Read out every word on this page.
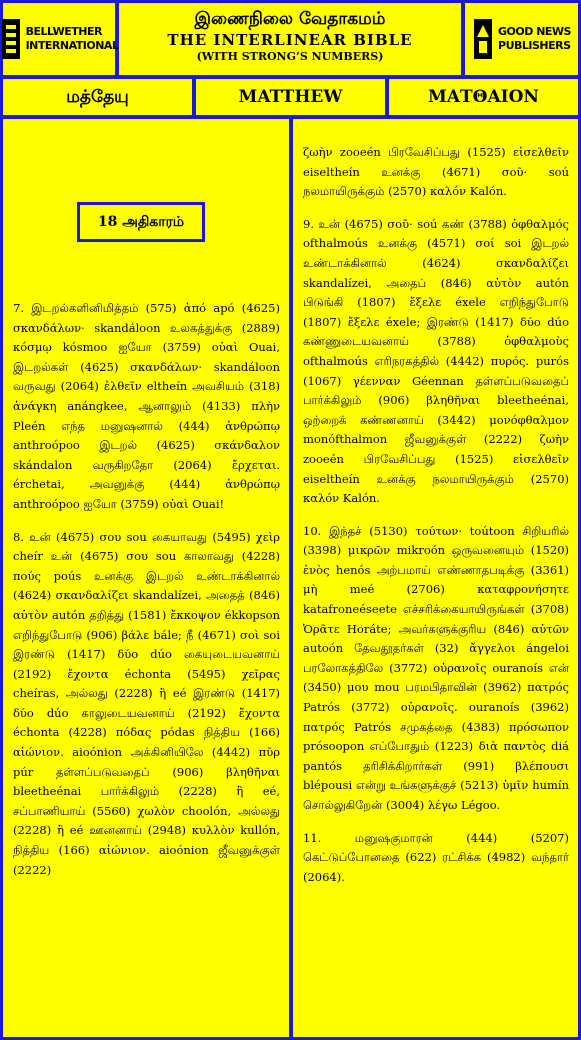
BELLWETHER
INTERNATIONAL
இணைநிலை வேதாகமம்
THE INTERLINEAR BIBLE
(WITH STRONG’S NUMBERS)
GOOD NEWS
PUBLISHERS
மத்தேயு	MATTHEW	ΜΑΤΘΑΙΟΝ
18 அதிகாரம்

7. இடறல்களினிமித்தம் (575) ἀπό apó (4625) σκανδάλων· skandáloon உலகத்துக்கு (2889) κόσμῳ kósmoo ஐயோ (3759) οὐαὶ Ouai, இடறல்கள் (4625) σκανδάλων· skandáloon வருவது (2064) ἐλθεῖν eltheín அவசியம் (318) ἀνάγκη anángkee, ஆனாலும் (4133) πλὴν Pleén எந்த மனுஷனால் (444) ἀνθρώπῳ anthroópoo இடறல் (4625) σκάνδαλον skándalon வருகிறதோ (2064) ἔρχεται. érchetai, அவனுக்கு (444) ἀνθρώπῳ anthroópoo ஐயோ (3759) οὐαὶ Ouai!

8. உன் (4675) σου sou கையாவது (5495) χεὶρ cheír உன் (4675) σου sou காலாவது (4228) πούς poús உனக்கு இடறல் உண்டாக்கினால் (4624) σκανδαλίζει skandalízei, அதைத் (846) αὐτὸν autón தறித்து (1581) ἔκκοψον ékkopson எறிந்துபோடு (906) βάλε bále; நீ (4671) σοὶ soi இரண்டு (1417) δύο dúo கையுடையவனாய் (2192) ἔχοντα échonta (5495) χεῖρας cheíras, அல்லது (2228) ἢ eé இரண்டு (1417) δύο dúo காலுடையவனாய் (2192) ἔχοντα échonta (4228) πόδας pódas நித்திய (166) αἰώνιον. aioónion அக்கினியிலே (4442) πῦρ púr தள்ளப்படுவதைப் (906) βληθῆναι bleetheénai பார்க்கிலும் (2228) ἢ eé, சப்பாணியாய் (5560) χωλὸν choolón, அல்லது (2228) ἢ eé ஊனனாய் (2948) κυλλὸν kullón, நித்திய (166) αἰώνιον. aioónion ஜீவனுக்குள் (2222)

ζωὴν zooeén பிரவேசிப்பது (1525) εἰσελθεῖν eiseltheín உனக்கு (4671) σοῦ· soú நலமாயிருக்கும் (2570) καλόν Kalón.

9. உன் (4675) σοῦ· soú கண் (3788) ὀφθαλμός ofthalmoús உனக்கு (4571) σοί soi இடறல் உண்டாக்கினால் (4624) σκανδαλίζει skandalízei, அதைப் (846) αὐτὸν autón பிடுங்கி (1807) ἔξελε éxele எறிந்துபோடு (1807) ἔξελε éxele; இரண்டு (1417) δύο dúo கண்ணுடையவனாய் (3788) ὀφθαλμοὺς ofthalmoús எரிநரகத்தில் (4442) πυρός. purós (1067) γέενναν Géennan தள்ளப்படுவதைப் பார்க்கிலும் (906) βληθῆναι bleetheénai, ஒற்றைக் கண்ணனாய் (3442) μονόφθαλμον monófthalmon ஜீவனுக்குள் (2222) ζωὴν zooeén பிரவேசிப்பது (1525) εἰσελθεῖν eiseltheín உனக்கு நலமாயிருக்கும் (2570) καλόν Kalón.

10. இந்தச் (5130) τούτων· toútoon சிறியரில் (3398) μικρῶν mikroón ஒருவனையும் (1520) ἑνὸς henós அற்பமாய் எண்ணாதபடிக்கு (3361) μὴ meé (2706) καταφρονήσητε katafroneéseete எச்சரிக்கையாயிருங்கள் (3708) Ὁρᾶτε Horáte; அவர்களுக்குரிய (846) αὐτῶν autoón தேவதூதர்கள் (32) ἄγγελοι ángeloi பரலோகத்திலே (3772) οὐρανοῖς ouranoís என் (3450) μου mou பரமபிதாவின் (3962) πατρός Patrós (3772) οὐρανοῖς. ouranoís (3962) πατρός Patrós சமுகத்தை (4383) πρόσωπον prósoopon எப்போதும் (1223) διὰ παντὸς diá pantós தரிசிக்கிறார்கள் (991) βλέπουσι blépousi என்று உங்களுக்குச் (5213) ὑμῖν humín சொல்லுகிறேன் (3004) λέγω Légoo.

11. மனுஷகுமாரன் (444) (5207) கெட்டுப்போனதை (622) ரட்சிக்க (4982) வந்தார் (2064).
